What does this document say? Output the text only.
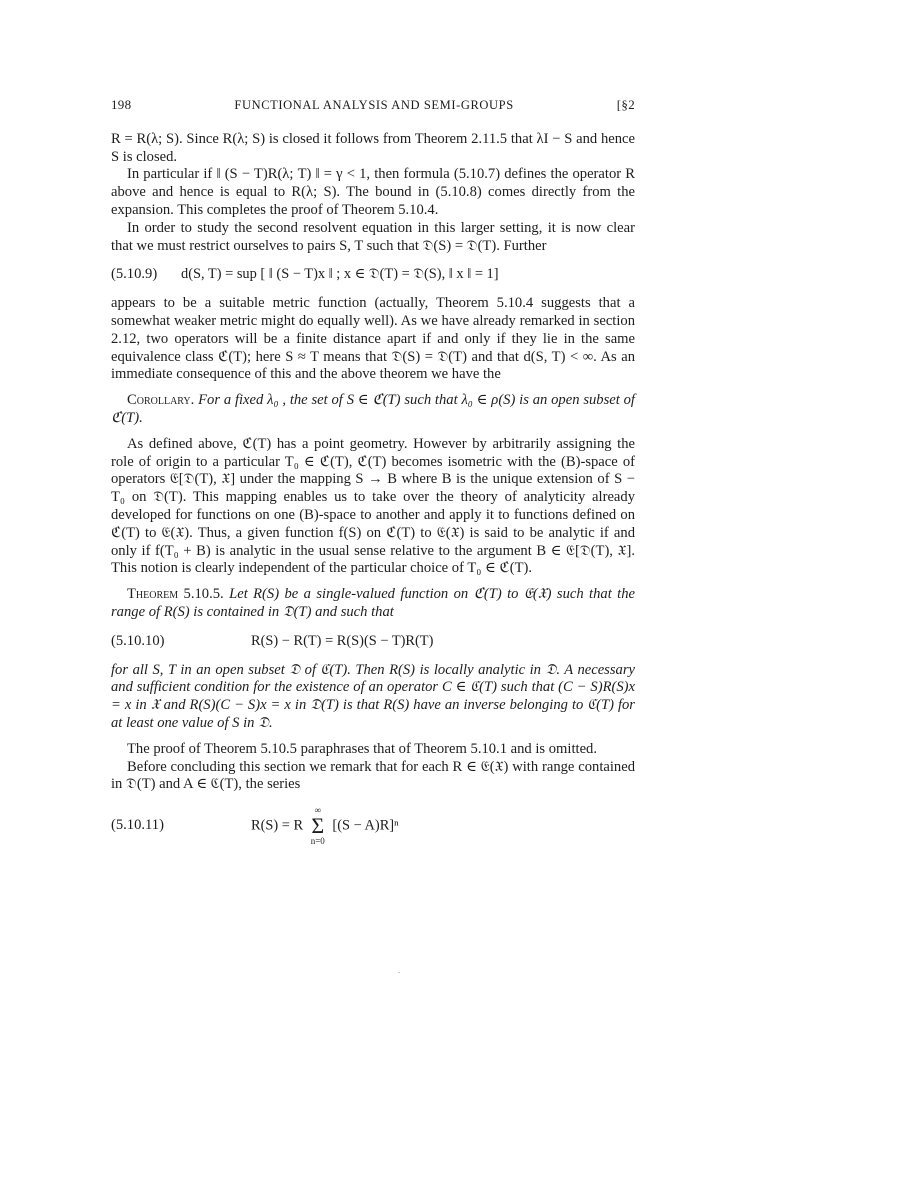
198	FUNCTIONAL ANALYSIS AND SEMI-GROUPS	[§2

R = R(λ; S). Since R(λ; S) is closed it follows from Theorem 2.11.5 that λI − S and hence S is closed.

In particular if ‖ (S − T)R(λ; T) ‖ = γ < 1, then formula (5.10.7) defines the operator R above and hence is equal to R(λ; S). The bound in (5.10.8) comes directly from the expansion. This completes the proof of Theorem 5.10.4.

In order to study the second resolvent equation in this larger setting, it is now clear that we must restrict ourselves to pairs S, T such that 𝔇(S) = 𝔇(T). Further

(5.10.9)	d(S, T) = sup [ ‖ (S − T)x ‖ ; x ∈ 𝔇(T) = 𝔇(S), ‖ x ‖ = 1]

appears to be a suitable metric function (actually, Theorem 5.10.4 suggests that a somewhat weaker metric might do equally well). As we have already remarked in section 2.12, two operators will be a finite distance apart if and only if they lie in the same equivalence class ℭ(T); here S ≈ T means that 𝔇(S) = 𝔇(T) and that d(S, T) < ∞. As an immediate consequence of this and the above theorem we have the

Corollary. For a fixed λ₀ , the set of S ∈ ℭ(T) such that λ₀ ∈ ρ(S) is an open subset of ℭ(T).

As defined above, ℭ(T) has a point geometry. However by arbitrarily assigning the role of origin to a particular T₀ ∈ ℭ(T), ℭ(T) becomes isometric with the (B)-space of operators 𝔈[𝔇(T), 𝔛] under the mapping S → B where B is the unique extension of S − T₀ on 𝔇(T). This mapping enables us to take over the theory of analyticity already developed for functions on one (B)-space to another and apply it to functions defined on ℭ(T) to 𝔈(𝔛). Thus, a given function f(S) on ℭ(T) to 𝔈(𝔛) is said to be analytic if and only if f(T₀ + B) is analytic in the usual sense relative to the argument B ∈ 𝔈[𝔇(T), 𝔛]. This notion is clearly independent of the particular choice of T₀ ∈ ℭ(T).

Theorem 5.10.5. Let R(S) be a single-valued function on ℭ(T) to 𝔈(𝔛) such that the range of R(S) is contained in 𝔇(T) and such that

(5.10.10)	R(S) − R(T) = R(S)(S − T)R(T)

for all S, T in an open subset 𝔇 of ℭ(T). Then R(S) is locally analytic in 𝔇. A necessary and sufficient condition for the existence of an operator C ∈ ℭ(T) such that (C − S)R(S)x = x in 𝔛 and R(S)(C − S)x = x in 𝔇(T) is that R(S) have an inverse belonging to ℭ(T) for at least one value of S in 𝔇.

The proof of Theorem 5.10.5 paraphrases that of Theorem 5.10.1 and is omitted.

Before concluding this section we remark that for each R ∈ 𝔈(𝔛) with range contained in 𝔇(T) and A ∈ ℭ(T), the series

(5.10.11)	R(S) = R
∞
Σ
n=0
[(S − A)R]ⁿ
